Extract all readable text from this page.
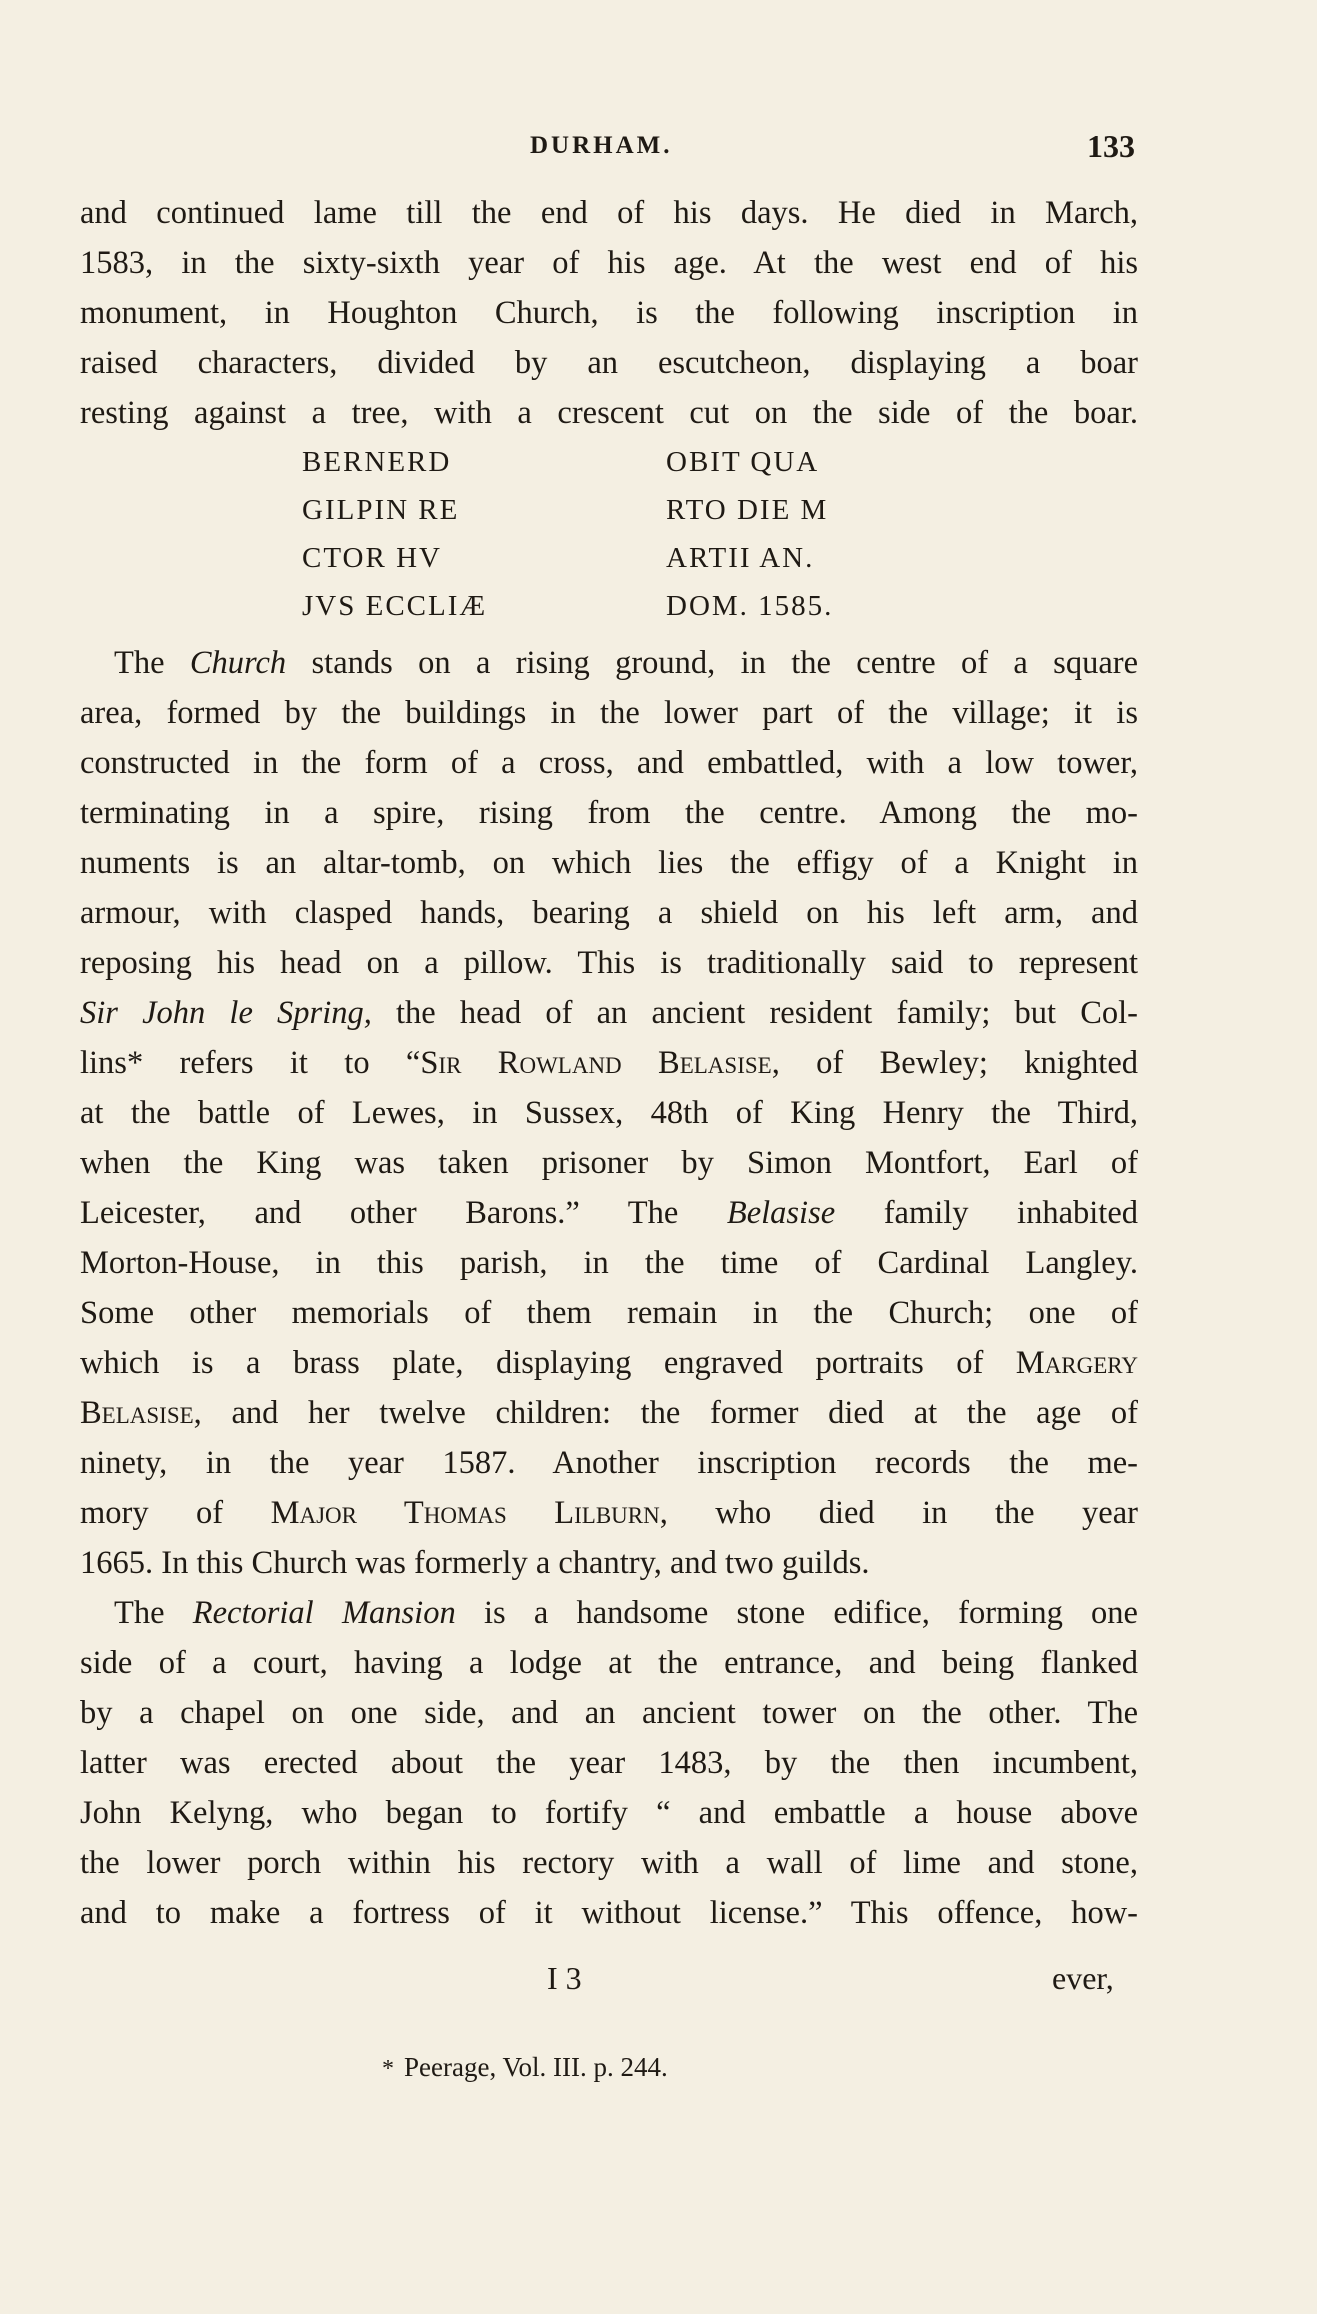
DURHAM.	133
and continued lame till the end of his days. He died in March,
1583, in the sixty-sixth year of his age. At the west end of his
monument, in Houghton Church, is the following inscription in
raised characters, divided by an escutcheon, displaying a boar
resting against a tree, with a crescent cut on the side of the boar.
BERNERD
GILPIN RE
CTOR HV
JVS ECCLIÆ
OBIT QUA
RTO DIE M
ARTII AN.
DOM. 1585.
The Church stands on a rising ground, in the centre of a square
area, formed by the buildings in the lower part of the village; it is
constructed in the form of a cross, and embattled, with a low tower,
terminating in a spire, rising from the centre. Among the mo-
numents is an altar-tomb, on which lies the effigy of a Knight in
armour, with clasped hands, bearing a shield on his left arm, and
reposing his head on a pillow. This is traditionally said to represent
Sir John le Spring, the head of an ancient resident family; but Col-
lins* refers it to “Sir Rowland Belasise, of Bewley; knighted
at the battle of Lewes, in Sussex, 48th of King Henry the Third,
when the King was taken prisoner by Simon Montfort, Earl of
Leicester, and other Barons.” The Belasise family inhabited
Morton-House, in this parish, in the time of Cardinal Langley.
Some other memorials of them remain in the Church; one of
which is a brass plate, displaying engraved portraits of Margery
Belasise, and her twelve children: the former died at the age of
ninety, in the year 1587. Another inscription records the me-
mory of Major Thomas Lilburn, who died in the year
1665. In this Church was formerly a chantry, and two guilds.
The Rectorial Mansion is a handsome stone edifice, forming one
side of a court, having a lodge at the entrance, and being flanked
by a chapel on one side, and an ancient tower on the other. The
latter was erected about the year 1483, by the then incumbent,
John Kelyng, who began to fortify “ and embattle a house above
the lower porch within his rectory with a wall of lime and stone,
and to make a fortress of it without license.” This offence, how-
I 3	ever,
* Peerage, Vol. III. p. 244.
